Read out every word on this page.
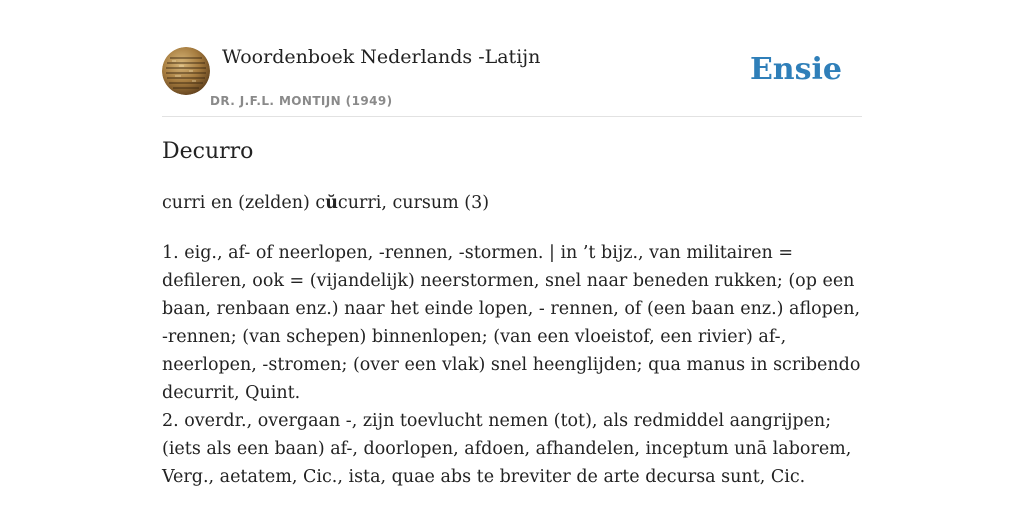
Woordenboek Nederlands -Latijn
DR. J.F.L. MONTIJN (1949)
Ensie
Decurro

curri en (zelden) cŭcurri, cursum (3)

1. eig., af- of neerlopen, -rennen, -stormen. | in ’t bijz., van militairen = defileren, ook = (vijandelijk) neerstormen, snel naar beneden rukken; (op een baan, renbaan enz.) naar het einde lopen, - rennen, of (een baan enz.) aflopen, -rennen; (van schepen) binnenlopen; (van een vloeistof, een rivier) af-, neerlopen, -stromen; (over een vlak) snel heenglijden; qua manus in scribendo decurrit, Quint.

2. overdr., overgaan -, zijn toevlucht nemen (tot), als redmiddel aangrijpen; (iets als een baan) af-, doorlopen, afdoen, afhandelen, inceptum unā laborem, Verg., aetatem, Cic., ista, quae abs te breviter de arte decursa sunt, Cic.
